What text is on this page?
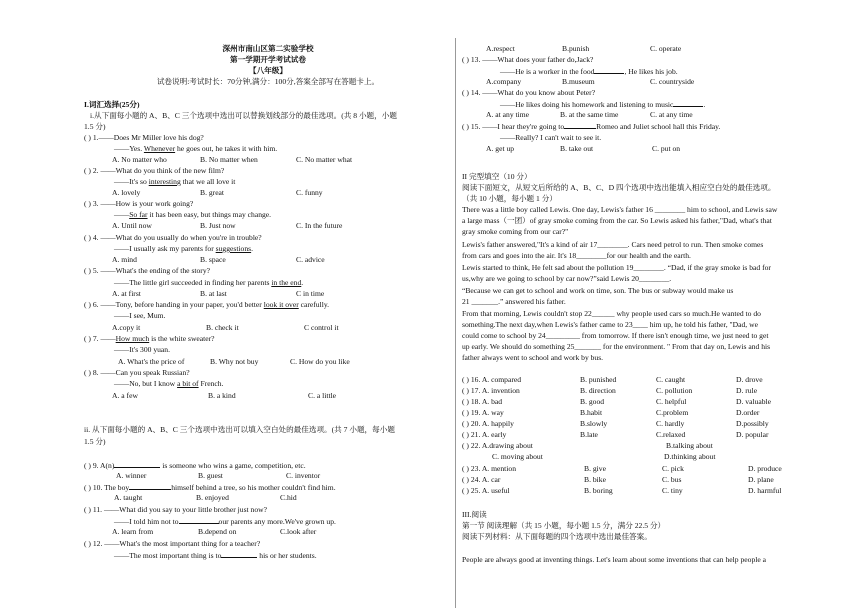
深州市南山区第二实验学校
第一学期开学考试试卷
【八年级】
试卷说明:考试时长：70分钟,满分：100分,答案全部写在答题卡上。
I.词汇选择(25分)
i.从下面每小题的 A、B、C 三个选项中选出可以替换划线部分的最佳选项。(共 8 小题，小题
1.5 分)
( ) 1.——Does Mr Miller love his dog?
——Yes. Whenever he goes out, he takes it with him.
A. No matter who	B. No matter when	C. No matter what
( ) 2. ——What do you think of the new film?
——It's so interesting that we all love it
A. lovely	B. great	C. funny
( ) 3. ——How is your work going?
——So far it has been easy, but things may change.
A. Until now	B. Just now	C. In the future
( ) 4. ——What do you usually do when you're in trouble?
——I usually ask my parents for suggestions.
A. mind	B. space	C. advice
( ) 5. ——What's the ending of the story?
——The little girl succeeded in finding her parents in the end.
A. at first	B. at last	C in time
( ) 6. ——Tony, before handing in your paper, you'd better look it over carefully.
——I see, Mum.
A.copy it	B. check it	C control it
( ) 7. ——How much is the white sweater?
——It's 300 yuan.
A. What's the price of	B. Why not buy	C. How do you like
( ) 8. ——Can you speak Russian?
——No, but I know a bit of French.
A. a few	B. a kind	C. a little
ii. 从下面每小题的 A、B、C 三个选项中选出可以填入空白处的最佳选项。(共 7 小题，每小题
1.5 分)
( ) 9. A(n)	is someone who wins a game, competition, etc.
A. winner	B. guest	C. inventor
( ) 10. The boy	himself behind a tree, so his mother couldn't find him.
A. taught	B. enjoyed	C.hid
( ) 11. ——What did you say to your little brother just now?
——I told him not to	our parents any more.We've grown up.
A. learn from	B.depend on	C.look after
( ) 12. ——What's the most important thing for a teacher?
——The most important thing is to	his or her students.
A.respect	B.punish	C. operate
( ) 13. ——What does your father do,Jack?
——He is a worker in the food	, He likes his job.
A.company	B.museum	C. countryside
( ) 14. ——What do you know about Peter?
——He likes doing his homework and listening to music	.
A. at any time	B. at the same time	C. at any time
( ) 15. ——I hear they're going to	Romeo and Juliet school hall this Friday.
——Really? I can't wait to see it.
A. get up	B. take out	C. put on
II 完型填空（10 分）
阅读下面短文，从短文后所给的 A、B、C、D 四个选项中选出能填入相应空白处的最佳选项。
（共 10 小题，每小题 1 分）
There was a little boy called Lewis. One day, Lewis's father 16 ________ him to school, and Lewis saw
a large mass（一团）of gray smoke coming from the car. So Lewis asked his father,"Dad, what's that
gray smoke coming from our car?"
Lewis's father answered,"It's a kind of air 17________. Cars need petrol to run. Then smoke comes
from cars and goes into the air. It's 18________for our health and the earth.
Lewis started to think, He felt sad about the pollution 19________. “Dad, if the gray smoke is bad for
us,why are we going to school by car now?”said Lewis 20________.
“Because we can get to school and work on time, son. The bus or subway would make us
21 _______.” answered his father.
From that morning, Lewis couldn't stop 22______ why people used cars so much.He wanted to do
something.The next day,when Lewis's father came to 23____ him up, he told his father, "Dad, we
could come to school by 24_________ from tomorrow. If there isn't enough time, we just need to get
up early. We should do something 25_______ for the environment. " From that day on, Lewis and his
father always went to school and work by bus.
( ) 16. A. compared	B. punished	C. caught	D. drove
( ) 17. A. invention	B. direction	C. pollution	D. rule
( ) 18. A. bad	B. good	C. helpful	D. valuable
( ) 19. A. way	B.habit	C.problem	D.order
( ) 20. A. happily	B.slowly	C. hardly	D.possibly
( ) 21. A. early	B.late	C.relaxed	D. popular
( ) 22. A.drawing about	B.talking about
C. moving about	D.thinking about
( ) 23. A. mention	B. give	C. pick	D. produce
( ) 24. A. car	B. bike	C. bus	D. plane
( ) 25. A. useful	B. boring	C. tiny	D. harmful
III.阅读
第一节 阅读理解（共 15 小题，每小题 1.5 分，满分 22.5 分）
阅读下列材料：从下面每题的四个选项中选出最佳答案。
People are always good at inventing things. Let's learn about some inventions that can help people a
